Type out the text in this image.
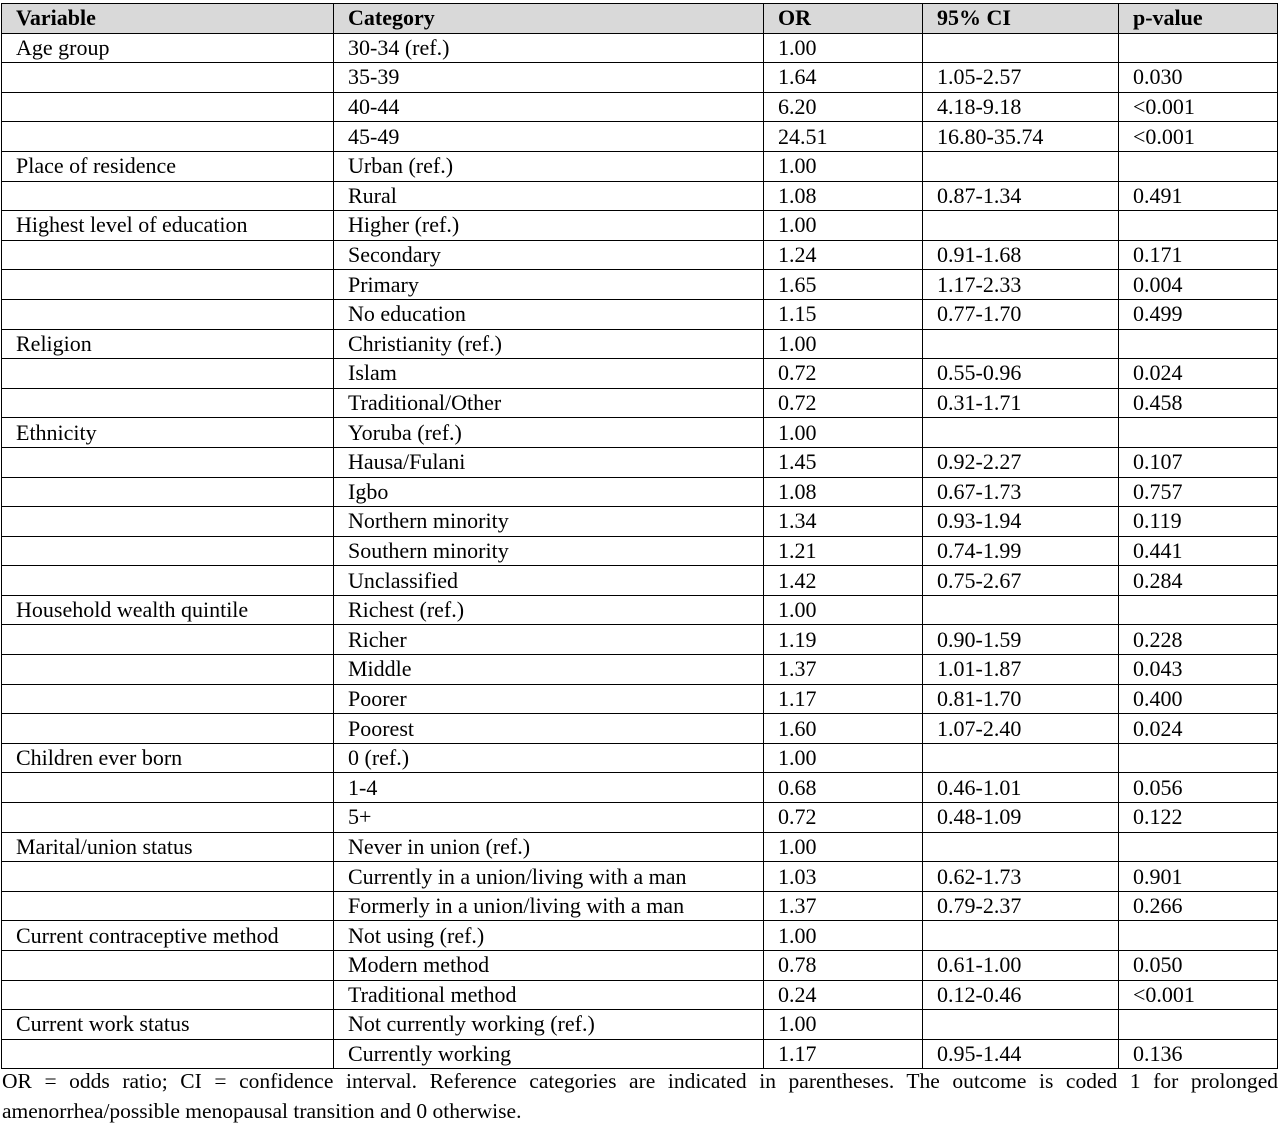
Variable	Category	OR	95% CI	p-value
Age group	30-34 (ref.)	1.00		
	35-39	1.64	1.05-2.57	0.030
	40-44	6.20	4.18-9.18	<0.001
	45-49	24.51	16.80-35.74	<0.001
Place of residence	Urban (ref.)	1.00		
	Rural	1.08	0.87-1.34	0.491
Highest level of education	Higher (ref.)	1.00		
	Secondary	1.24	0.91-1.68	0.171
	Primary	1.65	1.17-2.33	0.004
	No education	1.15	0.77-1.70	0.499
Religion	Christianity (ref.)	1.00		
	Islam	0.72	0.55-0.96	0.024
	Traditional/Other	0.72	0.31-1.71	0.458
Ethnicity	Yoruba (ref.)	1.00		
	Hausa/Fulani	1.45	0.92-2.27	0.107
	Igbo	1.08	0.67-1.73	0.757
	Northern minority	1.34	0.93-1.94	0.119
	Southern minority	1.21	0.74-1.99	0.441
	Unclassified	1.42	0.75-2.67	0.284
Household wealth quintile	Richest (ref.)	1.00		
	Richer	1.19	0.90-1.59	0.228
	Middle	1.37	1.01-1.87	0.043
	Poorer	1.17	0.81-1.70	0.400
	Poorest	1.60	1.07-2.40	0.024
Children ever born	0 (ref.)	1.00		
	1-4	0.68	0.46-1.01	0.056
	5+	0.72	0.48-1.09	0.122
Marital/union status	Never in union (ref.)	1.00		
	Currently in a union/living with a man	1.03	0.62-1.73	0.901
	Formerly in a union/living with a man	1.37	0.79-2.37	0.266
Current contraceptive method	Not using (ref.)	1.00		
	Modern method	0.78	0.61-1.00	0.050
	Traditional method	0.24	0.12-0.46	<0.001
Current work status	Not currently working (ref.)	1.00		
	Currently working	1.17	0.95-1.44	0.136
OR = odds ratio; CI = confidence interval. Reference categories are indicated in parentheses. The outcome is coded 1 for prolonged amenorrhea/possible menopausal transition and 0 otherwise.
